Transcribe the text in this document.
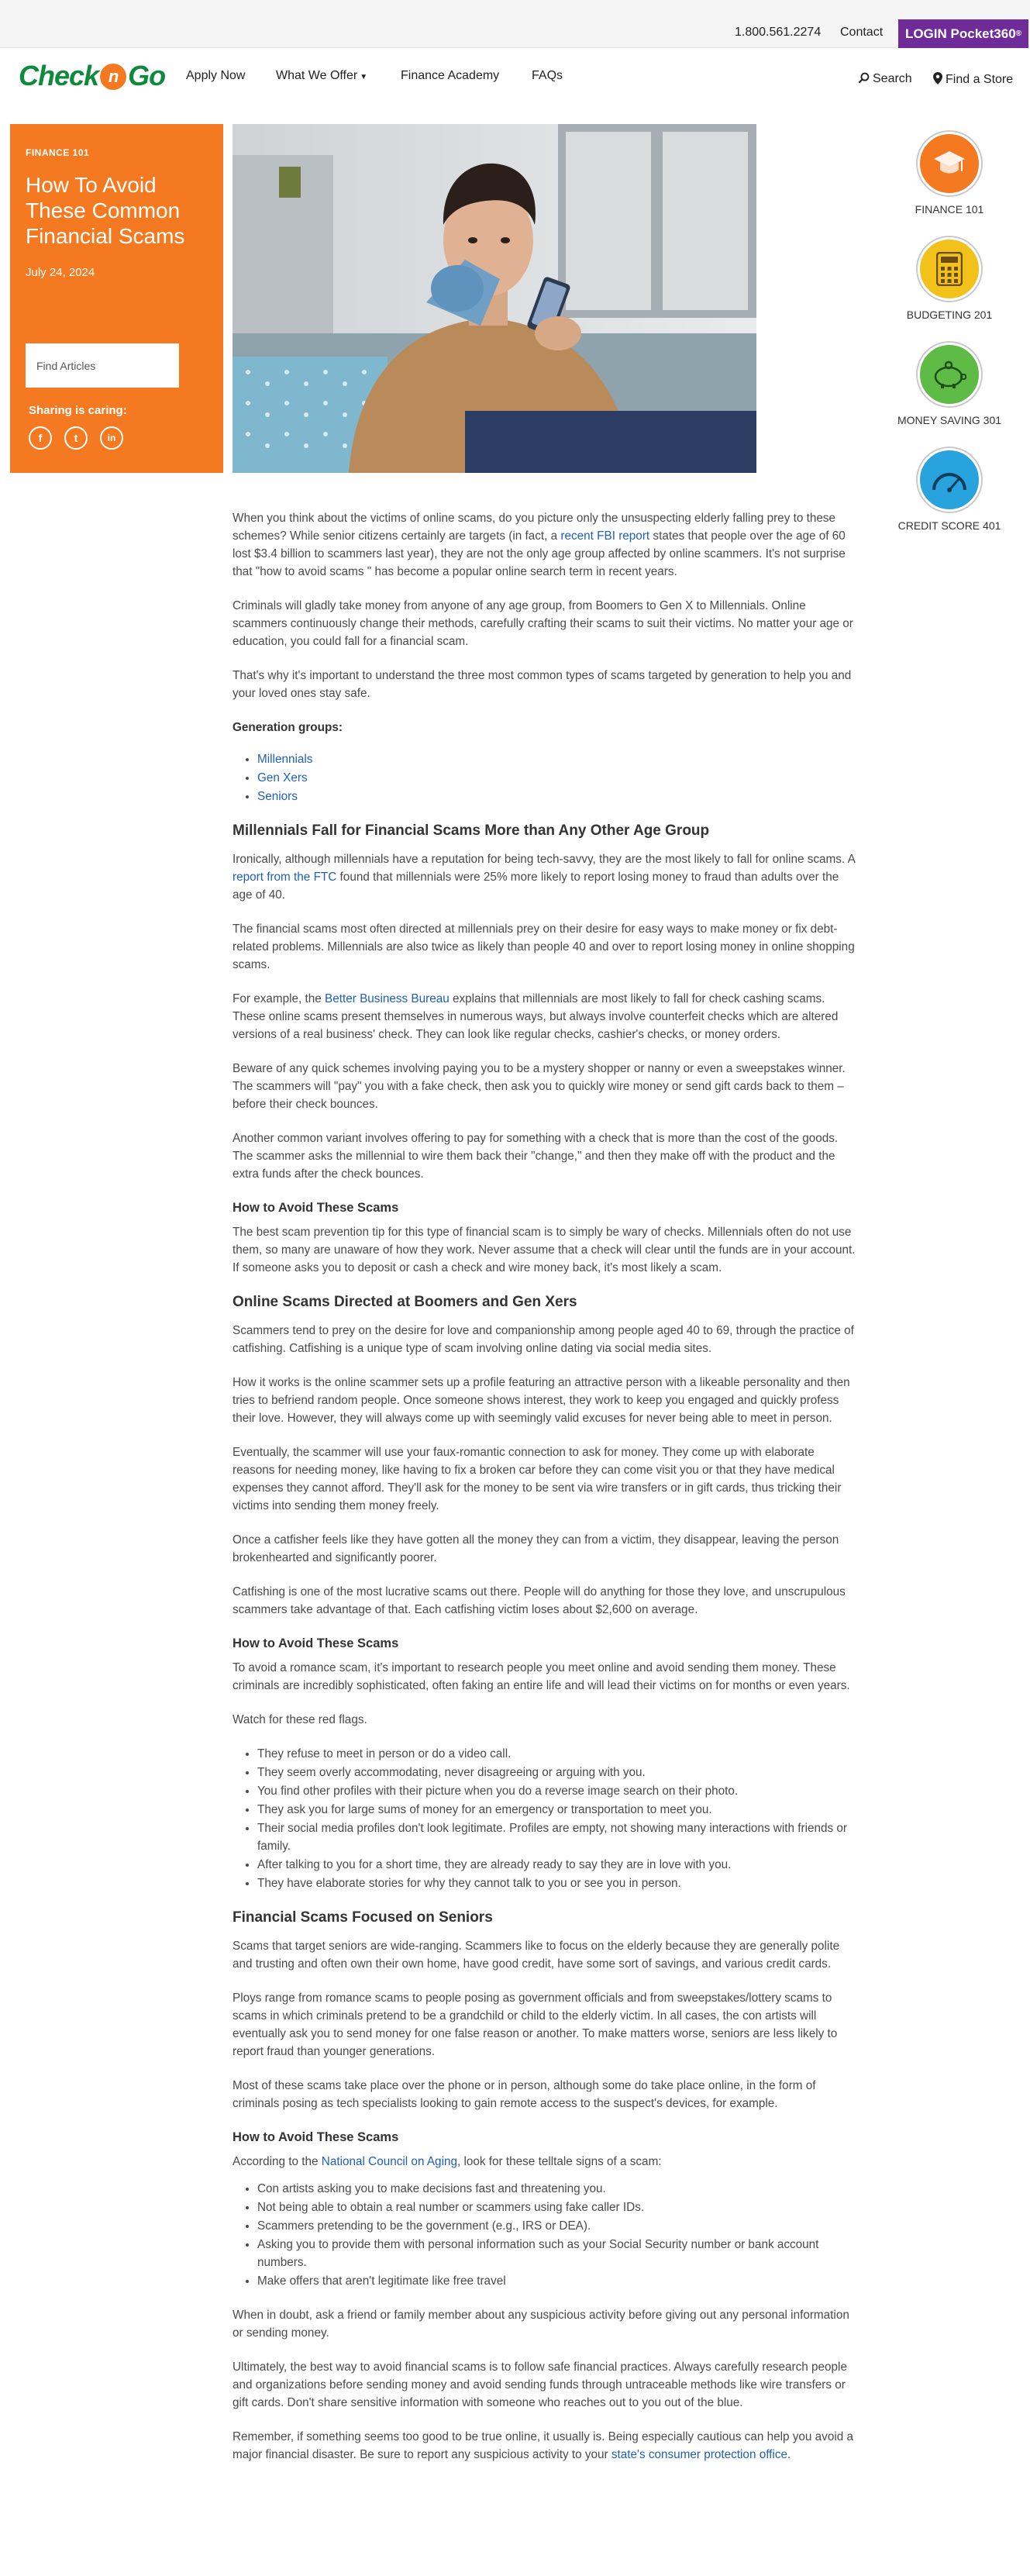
1.800.561.2274 Contact LOGIN
Pocket360 ®
Check n Go Apply Now What We Offer ▼	Finance Academy	FAQs	Search	Find a Store
FINANCE 101
How To Avoid These Common Financial Scams
July 24, 2024
Find Articles
Sharing is caring:
f	t	in
FINANCE 101
BUDGETING 201
MONEY SAVING 301
CREDIT SCORE 401

When you think about the victims of online scams, do you picture only the unsuspecting elderly falling prey to these schemes? While senior citizens certainly are targets (in fact, a recent FBI report states that people over the age of 60 lost $3.4 billion to scammers last year), they are not the only age group affected by online scammers. It's not surprise that "how to avoid scams " has become a popular online search term in recent years.

Criminals will gladly take money from anyone of any age group, from Boomers to Gen X to Millennials. Online scammers continuously change their methods, carefully crafting their scams to suit their victims. No matter your age or education, you could fall for a financial scam.

That's why it's important to understand the three most common types of scams targeted by generation to help you and your loved ones stay safe.

Generation groups:

• Millennials
• Gen Xers
• Seniors
Millennials Fall for Financial Scams More than Any Other Age Group

Ironically, although millennials have a reputation for being tech-savvy, they are the most likely to fall for online scams. A report from the FTC found that millennials were 25% more likely to report losing money to fraud than adults over the age of 40.

The financial scams most often directed at millennials prey on their desire for easy ways to make money or fix debt-related problems. Millennials are also twice as likely than people 40 and over to report losing money in online shopping scams.

For example, the Better Business Bureau explains that millennials are most likely to fall for check cashing scams. These online scams present themselves in numerous ways, but always involve counterfeit checks which are altered versions of a real business' check. They can look like regular checks, cashier's checks, or money orders.

Beware of any quick schemes involving paying you to be a mystery shopper or nanny or even a sweepstakes winner. The scammers will "pay" you with a fake check, then ask you to quickly wire money or send gift cards back to them – before their check bounces.

Another common variant involves offering to pay for something with a check that is more than the cost of the goods. The scammer asks the millennial to wire them back their "change," and then they make off with the product and the extra funds after the check bounces.

How to Avoid These Scams

The best scam prevention tip for this type of financial scam is to simply be wary of checks. Millennials often do not use them, so many are unaware of how they work. Never assume that a check will clear until the funds are in your account. If someone asks you to deposit or cash a check and wire money back, it's most likely a scam.

Online Scams Directed at Boomers and Gen Xers

Scammers tend to prey on the desire for love and companionship among people aged 40 to 69, through the practice of catfishing. Catfishing is a unique type of scam involving online dating via social media sites.

How it works is the online scammer sets up a profile featuring an attractive person with a likeable personality and then tries to befriend random people. Once someone shows interest, they work to keep you engaged and quickly profess their love. However, they will always come up with seemingly valid excuses for never being able to meet in person.

Eventually, the scammer will use your faux-romantic connection to ask for money. They come up with elaborate reasons for needing money, like having to fix a broken car before they can come visit you or that they have medical expenses they cannot afford. They'll ask for the money to be sent via wire transfers or in gift cards, thus tricking their victims into sending them money freely.

Once a catfisher feels like they have gotten all the money they can from a victim, they disappear, leaving the person brokenhearted and significantly poorer.

Catfishing is one of the most lucrative scams out there. People will do anything for those they love, and unscrupulous scammers take advantage of that. Each catfishing victim loses about $2,600 on average.

How to Avoid These Scams

To avoid a romance scam, it's important to research people you meet online and avoid sending them money. These criminals are incredibly sophisticated, often faking an entire life and will lead their victims on for months or even years.

Watch for these red flags.

• They refuse to meet in person or do a video call.
• They seem overly accommodating, never disagreeing or arguing with you.
• You find other profiles with their picture when you do a reverse image search on their photo.
• They ask you for large sums of money for an emergency or transportation to meet you.
• Their social media profiles don't look legitimate. Profiles are empty, not showing many interactions with friends or family.
• After talking to you for a short time, they are already ready to say they are in love with you.
• They have elaborate stories for why they cannot talk to you or see you in person.
Financial Scams Focused on Seniors

Scams that target seniors are wide-ranging. Scammers like to focus on the elderly because they are generally polite and trusting and often own their own home, have good credit, have some sort of savings, and various credit cards.

Ploys range from romance scams to people posing as government officials and from sweepstakes/lottery scams to scams in which criminals pretend to be a grandchild or child to the elderly victim. In all cases, the con artists will eventually ask you to send money for one false reason or another. To make matters worse, seniors are less likely to report fraud than younger generations.

Most of these scams take place over the phone or in person, although some do take place online, in the form of criminals posing as tech specialists looking to gain remote access to the suspect's devices, for example.

How to Avoid These Scams

According to the National Council on Aging, look for these telltale signs of a scam:

• Con artists asking you to make decisions fast and threatening you.
• Not being able to obtain a real number or scammers using fake caller IDs.
• Scammers pretending to be the government (e.g., IRS or DEA).
• Asking you to provide them with personal information such as your Social Security number or bank account numbers.
• Make offers that aren't legitimate like free travel

When in doubt, ask a friend or family member about any suspicious activity before giving out any personal information or sending money.

Ultimately, the best way to avoid financial scams is to follow safe financial practices. Always carefully research people and organizations before sending money and avoid sending funds through untraceable methods like wire transfers or gift cards. Don't share sensitive information with someone who reaches out to you out of the blue.

Remember, if something seems too good to be true online, it usually is. Being especially cautious can help you avoid a major financial disaster. Be sure to report any suspicious activity to your state's consumer protection office.
